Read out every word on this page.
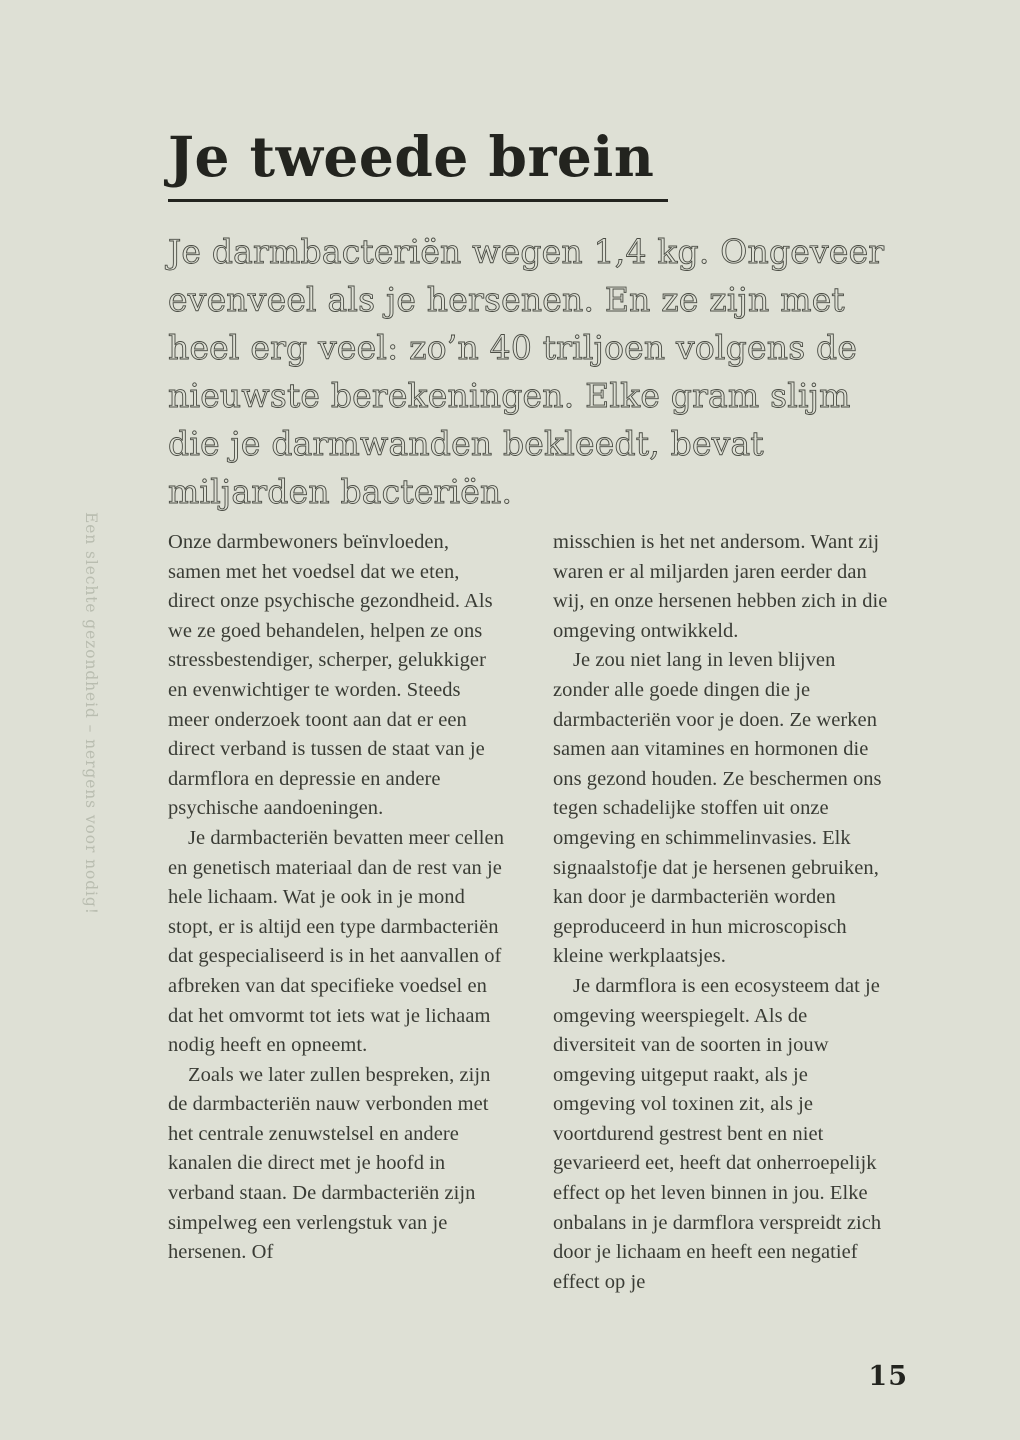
Een slechte gezondheid – nergens voor nodig!
Je tweede brein

Je darmbacteriën wegen 1,4 kg. Ongeveer evenveel als je hersenen. En ze zijn met heel erg veel: zo’n 40 triljoen volgens de nieuwste berekeningen. Elke gram slijm die je darmwanden bekleedt, bevat miljarden bacteriën.

Onze darmbewoners beïnvloeden, samen met het voedsel dat we eten, direct onze psychische gezondheid. Als we ze goed behandelen, helpen ze ons stressbestendiger, scherper, gelukkiger en evenwichtiger te worden. Steeds meer onderzoek toont aan dat er een direct verband is tussen de staat van je darmflora en depressie en andere psychische aandoeningen.

Je darmbacteriën bevatten meer cellen en genetisch materiaal dan de rest van je hele lichaam. Wat je ook in je mond stopt, er is altijd een type darmbacteriën dat gespecialiseerd is in het aanvallen of afbreken van dat specifieke voedsel en dat het omvormt tot iets wat je lichaam nodig heeft en opneemt.

Zoals we later zullen bespreken, zijn de darmbacteriën nauw verbonden met het centrale zenuwstelsel en andere kanalen die direct met je hoofd in verband staan. De darmbacteriën zijn simpelweg een verlengstuk van je hersenen. Of

misschien is het net andersom. Want zij waren er al miljarden jaren eerder dan wij, en onze hersenen hebben zich in die omgeving ontwikkeld.

Je zou niet lang in leven blijven zonder alle goede dingen die je darmbacteriën voor je doen. Ze werken samen aan vitamines en hormonen die ons gezond houden. Ze beschermen ons tegen schadelijke stoffen uit onze omgeving en schimmelinvasies. Elk signaalstofje dat je hersenen gebruiken, kan door je darmbacteriën worden geproduceerd in hun microscopisch kleine werkplaatsjes.

Je darmflora is een ecosysteem dat je omgeving weerspiegelt. Als de diversiteit van de soorten in jouw omgeving uitgeput raakt, als je omgeving vol toxinen zit, als je voortdurend gestrest bent en niet gevarieerd eet, heeft dat onherroepelijk effect op het leven binnen in jou. Elke onbalans in je darmflora verspreidt zich door je lichaam en heeft een negatief effect op je

15
